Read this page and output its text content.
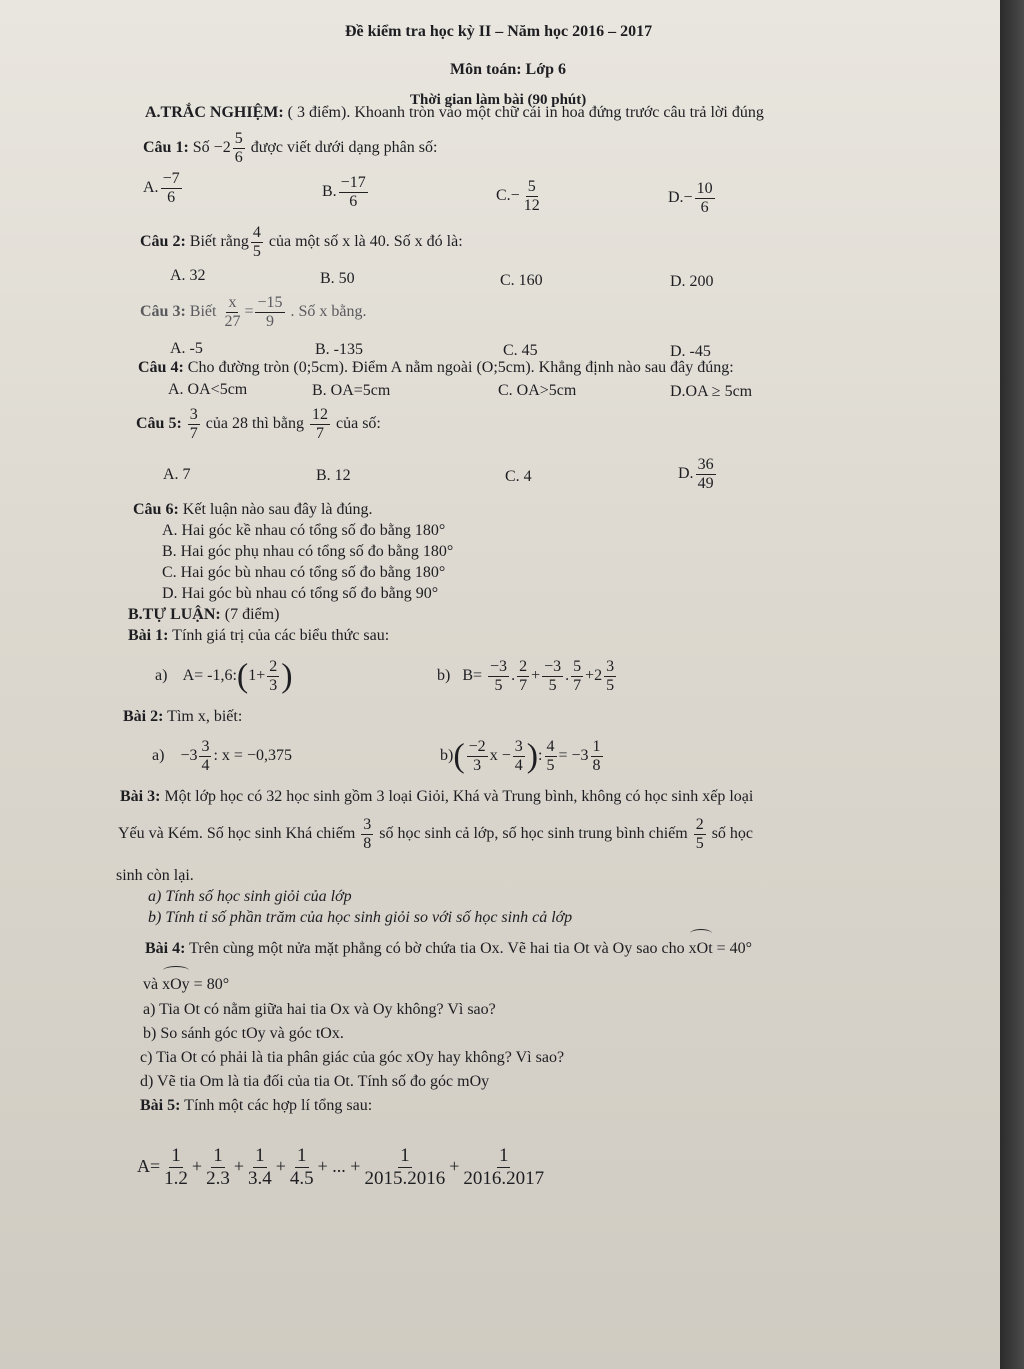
Đề kiểm tra học kỳ II – Năm học 2016 – 2017
Môn toán: Lớp 6
Thời gian làm bài (90 phút)
A.TRẮC NGHIỆM: ( 3 điểm). Khoanh tròn vào một chữ cái in hoa đứng trước câu trả lời đúng
Câu 1: Số $-2 \frac{5}{6}$ được viết dưới dạng phân số:
A. $\frac{-7}{6}$	B. $\frac{-17}{6}$	$C.- \frac{5}{12}$	$D.- \frac{10}{6}$
Câu 2: Biết rằng $\frac{4}{5}$ của một số x là 40. Số x đó là:
A. 32	B. 50	C. 160	D. 200
Câu 3: Biết $\frac{x}{27} = \frac{-15}{9}$ . Số x bằng.
A. -5	B. -135	C. 45	D. -45
Câu 4: Cho đường tròn (0;5cm). Điểm A nằm ngoài (O;5cm). Khẳng định nào sau đây đúng:
A. OA<5cm	B. OA=5cm	C. OA>5cm	D.OA ≥ 5cm
Câu 5: $\frac{3}{7}$ của 28 thì bằng $\frac{12}{7}$ của số:
A. 7	B. 12	C. 4	D. $\frac{36}{49}$
Câu 6: Kết luận nào sau đây là đúng.
A. Hai góc kề nhau có tổng số đo bằng 180°
B. Hai góc phụ nhau có tổng số đo bằng 180°
C. Hai góc bù nhau có tổng số đo bằng 180°
D. Hai góc bù nhau có tổng số đo bằng 90°
B.TỰ LUẬN: (7 điểm)
Bài 1: Tính giá trị của các biểu thức sau:
a) A= -1,6:(1+ $\frac{2}{3}$ )	b) $B= \frac{-3}{5}$ . $\frac{2}{7} + \frac{-3}{5}$ . $\frac{5}{7} +2 \frac{3}{5}$
Bài 2: Tìm x, biết:
$a) -3 \frac{3}{4}$ : x = −0,375	$b)( \frac{-2}{3}$ $x - \frac{3}{4}$ ): $\frac{4}{5} = -3 \frac{1}{8}$
Bài 3: Một lớp học có 32 học sinh gồm 3 loại Giỏi, Khá và Trung bình, không có học sinh xếp loại
Yếu và Kém. Số học sinh Khá chiếm $\frac{3}{8}$ số học sinh cả lớp, số học sinh trung bình chiếm $\frac{2}{5}$ số học
sinh còn lại.
a) Tính số học sinh giỏi của lớp
b) Tính tỉ số phần trăm của học sinh giỏi so với số học sinh cả lớp
Bài 4: Trên cùng một nửa mặt phẳng có bờ chứa tia Ox. Vẽ hai tia Ot và Oy sao cho xOt = 40°
và xOy = 80°
a) Tia Ot có nằm giữa hai tia Ox và Oy không? Vì sao?
b) So sánh góc tOy và góc tOx.
c) Tia Ot có phải là tia phân giác của góc xOy hay không? Vì sao?
d) Vẽ tia Om là tia đối của tia Ot. Tính số đo góc mOy
Bài 5: Tính một các hợp lí tổng sau:
$A= \frac{1}{1.2} + \frac{1}{2.3} + \frac{1}{3.4} + \frac{1}{4.5}$ + ... + $\frac{1}{2015.2016} + \frac{1}{2016.2017}$
